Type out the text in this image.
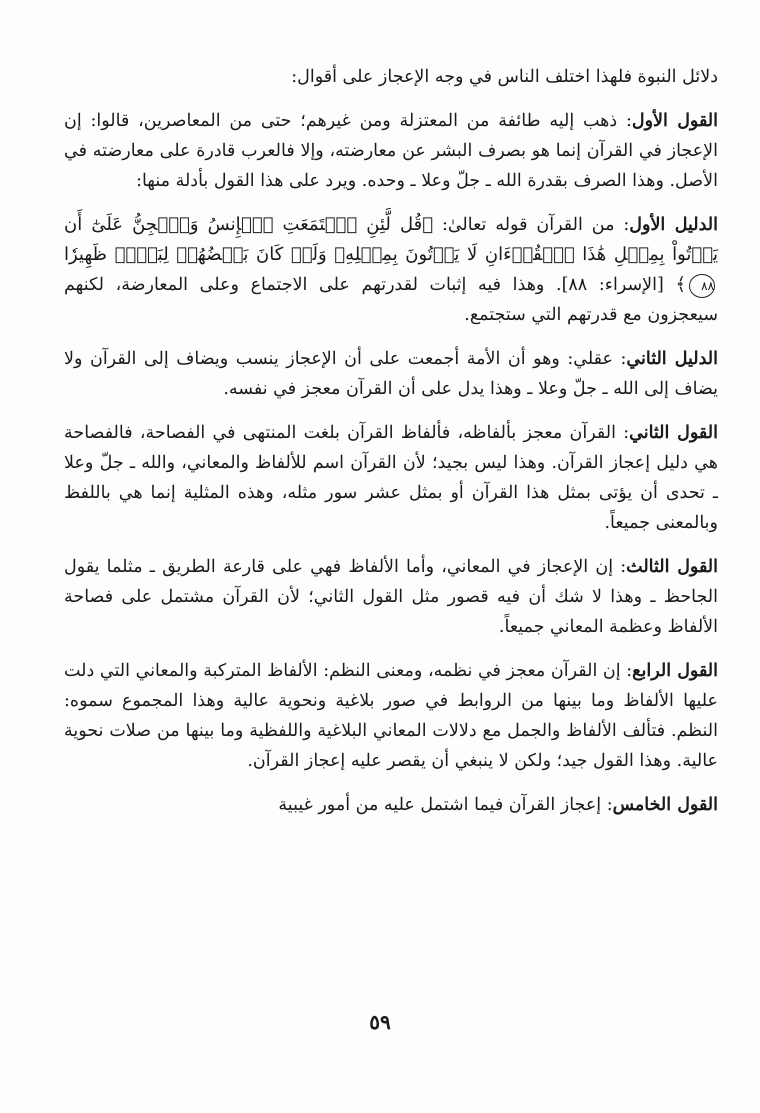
دلائل النبوة فلهذا اختلف الناس في وجه الإعجاز على أقوال:

القول الأول: ذهب إليه طائفة من المعتزلة ومن غيرهم؛ حتى من المعاصرين، قالوا: إن الإعجاز في القرآن إنما هو بصرف البشر عن معارضته، وإلا فالعرب قادرة على معارضته في الأصل. وهذا الصرف بقدرة الله ـ جلّ وعلا ـ وحده. ويرد على هذا القول بأدلة منها:

الدليل الأول: من القرآن قوله تعالىٰ: ﴿قُل لَّئِنِ ٱجۡتَمَعَتِ ٱلۡإِنسُ وَٱلۡجِنُّ عَلَىٰٓ أَن يَأۡتُواْ بِمِثۡلِ هَٰذَا ٱلۡقُرۡءَانِ لَا يَأۡتُونَ بِمِثۡلِهِۦ وَلَوۡ كَانَ بَعۡضُهُمۡ لِبَعۡضٖ ظَهِيرٗا٨٨﴾ [الإسراء: ٨٨]. وهذا فيه إثبات لقدرتهم على الاجتماع وعلى المعارضة، لكنهم سيعجزون مع قدرتهم التي ستجتمع.

الدليل الثاني: عقلي: وهو أن الأمة أجمعت على أن الإعجاز ينسب ويضاف إلى القرآن ولا يضاف إلى الله ـ جلّ وعلا ـ وهذا يدل على أن القرآن معجز في نفسه.

القول الثاني: القرآن معجز بألفاظه، فألفاظ القرآن بلغت المنتهى في الفصاحة، فالفصاحة هي دليل إعجاز القرآن. وهذا ليس بجيد؛ لأن القرآن اسم للألفاظ والمعاني، والله ـ جلّ وعلا ـ تحدى أن يؤتى بمثل هذا القرآن أو بمثل عشر سور مثله، وهذه المثلية إنما هي باللفظ وبالمعنى جميعاً.

القول الثالث: إن الإعجاز في المعاني، وأما الألفاظ فهي على قارعة الطريق ـ مثلما يقول الجاحظ ـ وهذا لا شك أن فيه قصور مثل القول الثاني؛ لأن القرآن مشتمل على فصاحة الألفاظ وعظمة المعاني جميعاً.

القول الرابع: إن القرآن معجز في نظمه، ومعنى النظم: الألفاظ المتركبة والمعاني التي دلت عليها الألفاظ وما بينها من الروابط في صور بلاغية ونحوية عالية وهذا المجموع سموه: النظم. فتألف الألفاظ والجمل مع دلالات المعاني البلاغية واللفظية وما بينها من صلات نحوية عالية. وهذا القول جيد؛ ولكن لا ينبغي أن يقصر عليه إعجاز القرآن.

القول الخامس: إعجاز القرآن فيما اشتمل عليه من أمور غيبية

٥٩
